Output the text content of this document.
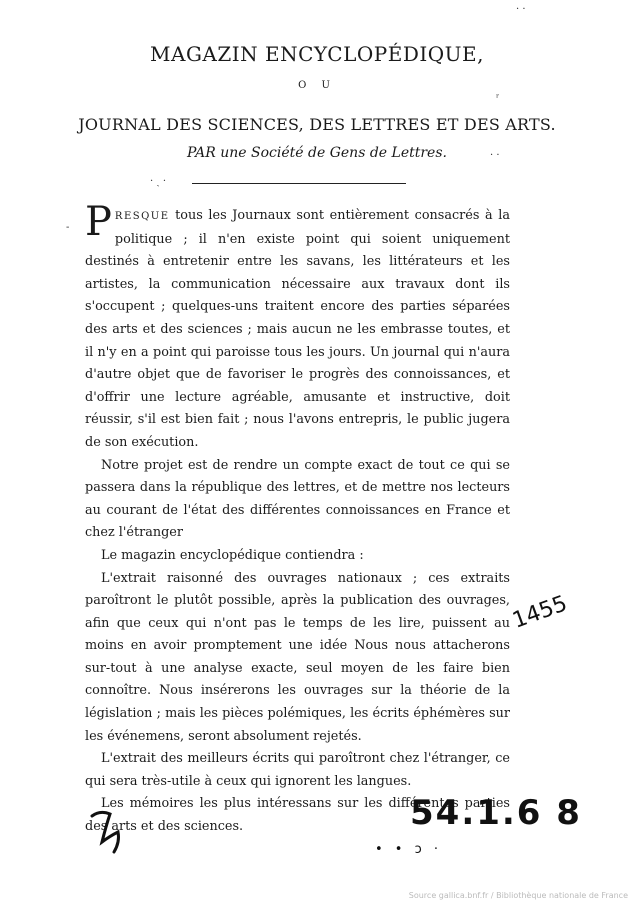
MAGAZIN ENCYCLOPÉDIQUE,
O U
JOURNAL DES SCIENCES, DES LETTRES ET DES ARTS.
PAR une Société de Gens de Lettres.

PRESQUE tous les Journaux sont entièrement consacrés à la politique ; il n'en existe point qui soient uniquement destinés à entretenir entre les savans, les littérateurs et les artistes, la communication nécessaire aux travaux dont ils s'occupent ; quelques-uns traitent encore des parties séparées des arts et des sciences ; mais aucun ne les embrasse toutes, et il n'y en a point qui paroisse tous les jours. Un journal qui n'aura d'autre objet que de favoriser le progrès des connoissances, et d'offrir une lecture agréable, amusante et instructive, doit réussir, s'il est bien fait ; nous l'avons entrepris, le public jugera de son exécution.

Notre projet est de rendre un compte exact de tout ce qui se passera dans la république des lettres, et de mettre nos lecteurs au courant de l'état des différentes connoissances en France et chez l'étranger

Le magazin encyclopédique contiendra :

L'extrait raisonné des ouvrages nationaux ; ces extraits paroîtront le plutôt possible, après la publication des ouvrages, afin que ceux qui n'ont pas le temps de les lire, puissent au moins en avoir promptement une idée Nous nous attacherons sur-tout à une analyse exacte, seul moyen de les faire bien connoître. Nous insérerons les ouvrages sur la théorie de la législation ; mais les pièces polémiques, les écrits éphémères sur les événemens, seront absolument rejetés.

L'extrait des meilleurs écrits qui paroîtront chez l'étranger, ce qui sera très-utile à ceux qui ignorent les langues.

Les mémoires les plus intéressans sur les différentes parties des arts et des sciences.

· ·
ʳ
· ·
· ˎ ·
-
54.1.6 8
1455
• • ɔ ·
Source gallica.bnf.fr / Bibliothèque nationale de France
